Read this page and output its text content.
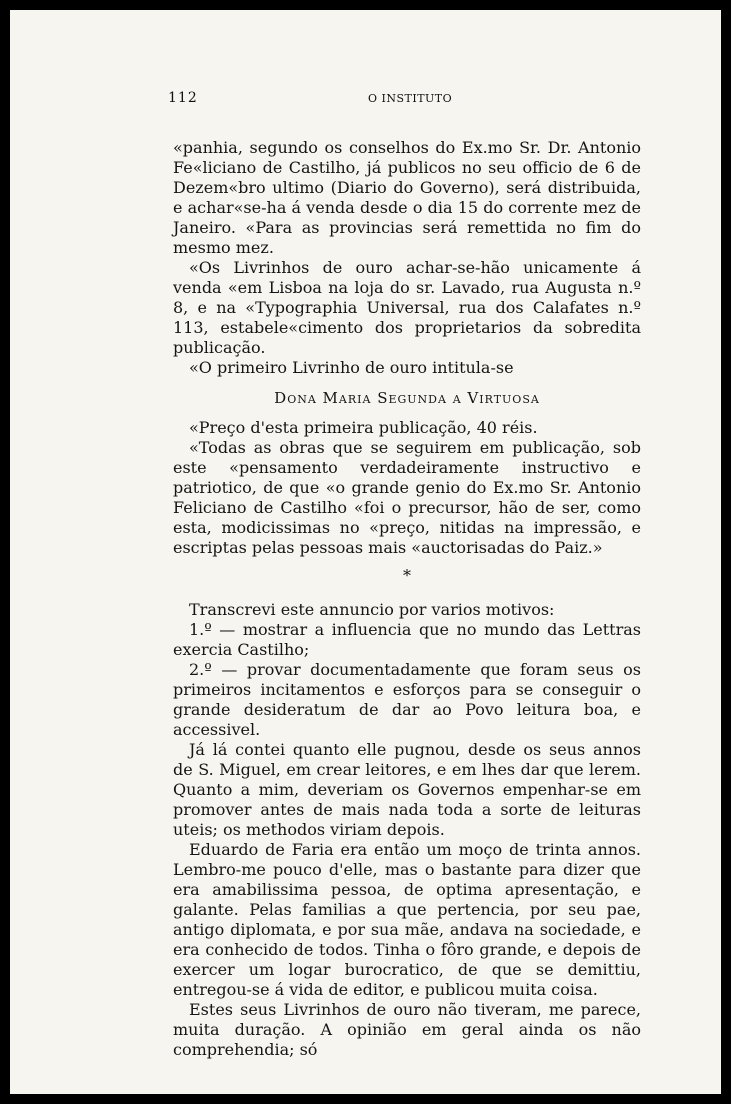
112	O INSTITUTO

«panhia, segundo os conselhos do Ex.mo Sr. Dr. Antonio Fe«liciano de Castilho, já publicos no seu officio de 6 de Dezem«bro ultimo (Diario do Governo), será distribuida, e achar«se-ha á venda desde o dia 15 do corrente mez de Janeiro. «Para as provincias será remettida no fim do mesmo mez.

«Os Livrinhos de ouro achar-se-hão unicamente á venda «em Lisboa na loja do sr. Lavado, rua Augusta n.º 8, e na «Typographia Universal, rua dos Calafates n.º 113, estabele«cimento dos proprietarios da sobredita publicação.

«O primeiro Livrinho de ouro intitula-se

Dona Maria Segunda a Virtuosa

«Preço d'esta primeira publicação, 40 réis.

«Todas as obras que se seguirem em publicação, sob este «pensamento verdadeiramente instructivo e patriotico, de que «o grande genio do Ex.mo Sr. Antonio Feliciano de Castilho «foi o precursor, hão de ser, como esta, modicissimas no «preço, nitidas na impressão, e escriptas pelas pessoas mais «auctorisadas do Paiz.»

*

Transcrevi este annuncio por varios motivos:

1.º — mostrar a influencia que no mundo das Lettras exercia Castilho;

2.º — provar documentadamente que foram seus os primeiros incitamentos e esforços para se conseguir o grande desideratum de dar ao Povo leitura boa, e accessivel.

Já lá contei quanto elle pugnou, desde os seus annos de S. Miguel, em crear leitores, e em lhes dar que lerem. Quanto a mim, deveriam os Governos empenhar-se em promover antes de mais nada toda a sorte de leituras uteis; os methodos viriam depois.

Eduardo de Faria era então um moço de trinta annos. Lembro-me pouco d'elle, mas o bastante para dizer que era amabilissima pessoa, de optima apresentação, e galante. Pelas familias a que pertencia, por seu pae, antigo diplomata, e por sua mãe, andava na sociedade, e era conhecido de todos. Tinha o fôro grande, e depois de exercer um logar burocratico, de que se demittiu, entregou-se á vida de editor, e publicou muita coisa.

Estes seus Livrinhos de ouro não tiveram, me parece, muita duração. A opinião em geral ainda os não comprehendia; só
